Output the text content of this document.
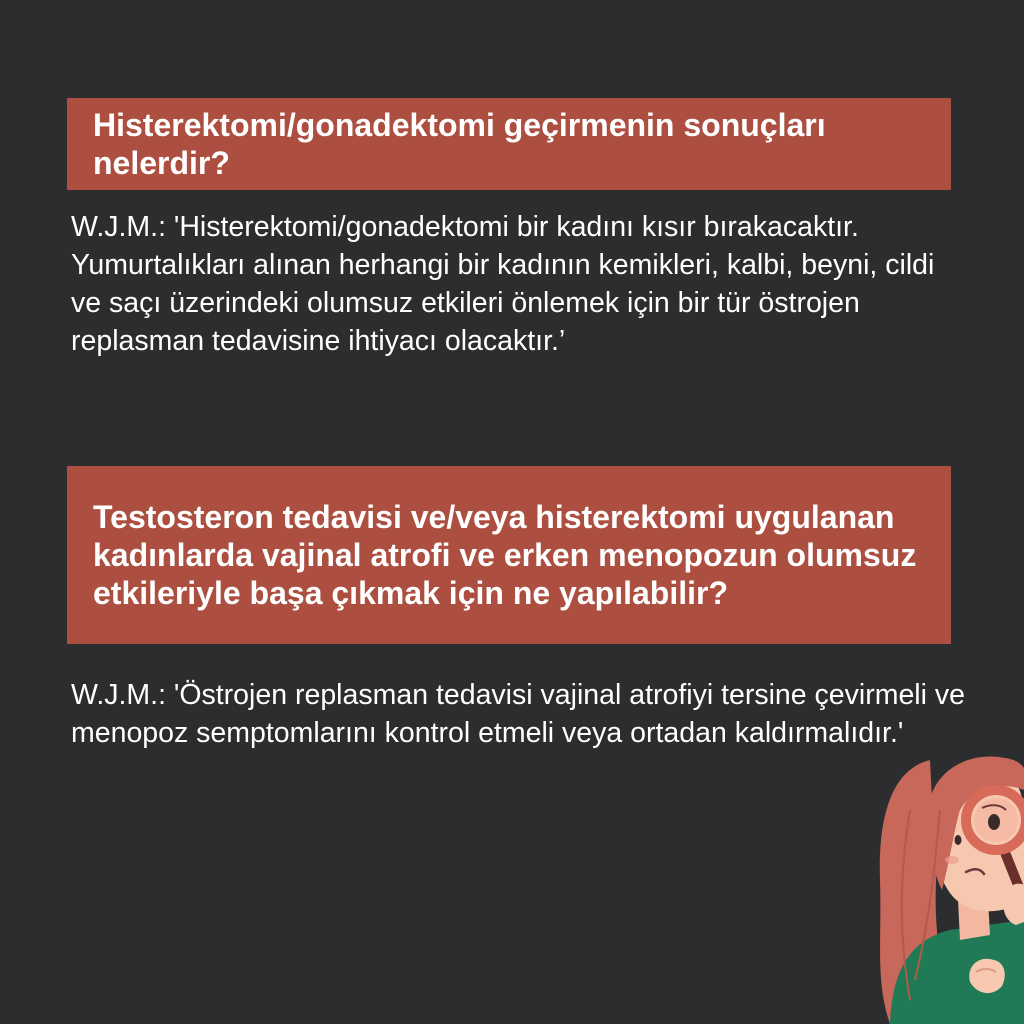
Histerektomi/gonadektomi geçirmenin sonuçları nelerdir?

W.J.M.: 'Histerektomi/gonadektomi bir kadını kısır bırakacaktır. Yumurtalıkları alınan herhangi bir kadının kemikleri, kalbi, beyni, cildi ve saçı üzerindeki olumsuz etkileri önlemek için bir tür östrojen replasman tedavisine ihtiyacı olacaktır.’

Testosteron tedavisi ve/veya histerektomi uygulanan kadınlarda vajinal atrofi ve erken menopozun olumsuz etkileriyle başa çıkmak için ne yapılabilir?

W.J.M.: 'Östrojen replasman tedavisi vajinal atrofiyi tersine çevirmeli ve menopoz semptomlarını kontrol etmeli veya ortadan kaldırmalıdır.'
